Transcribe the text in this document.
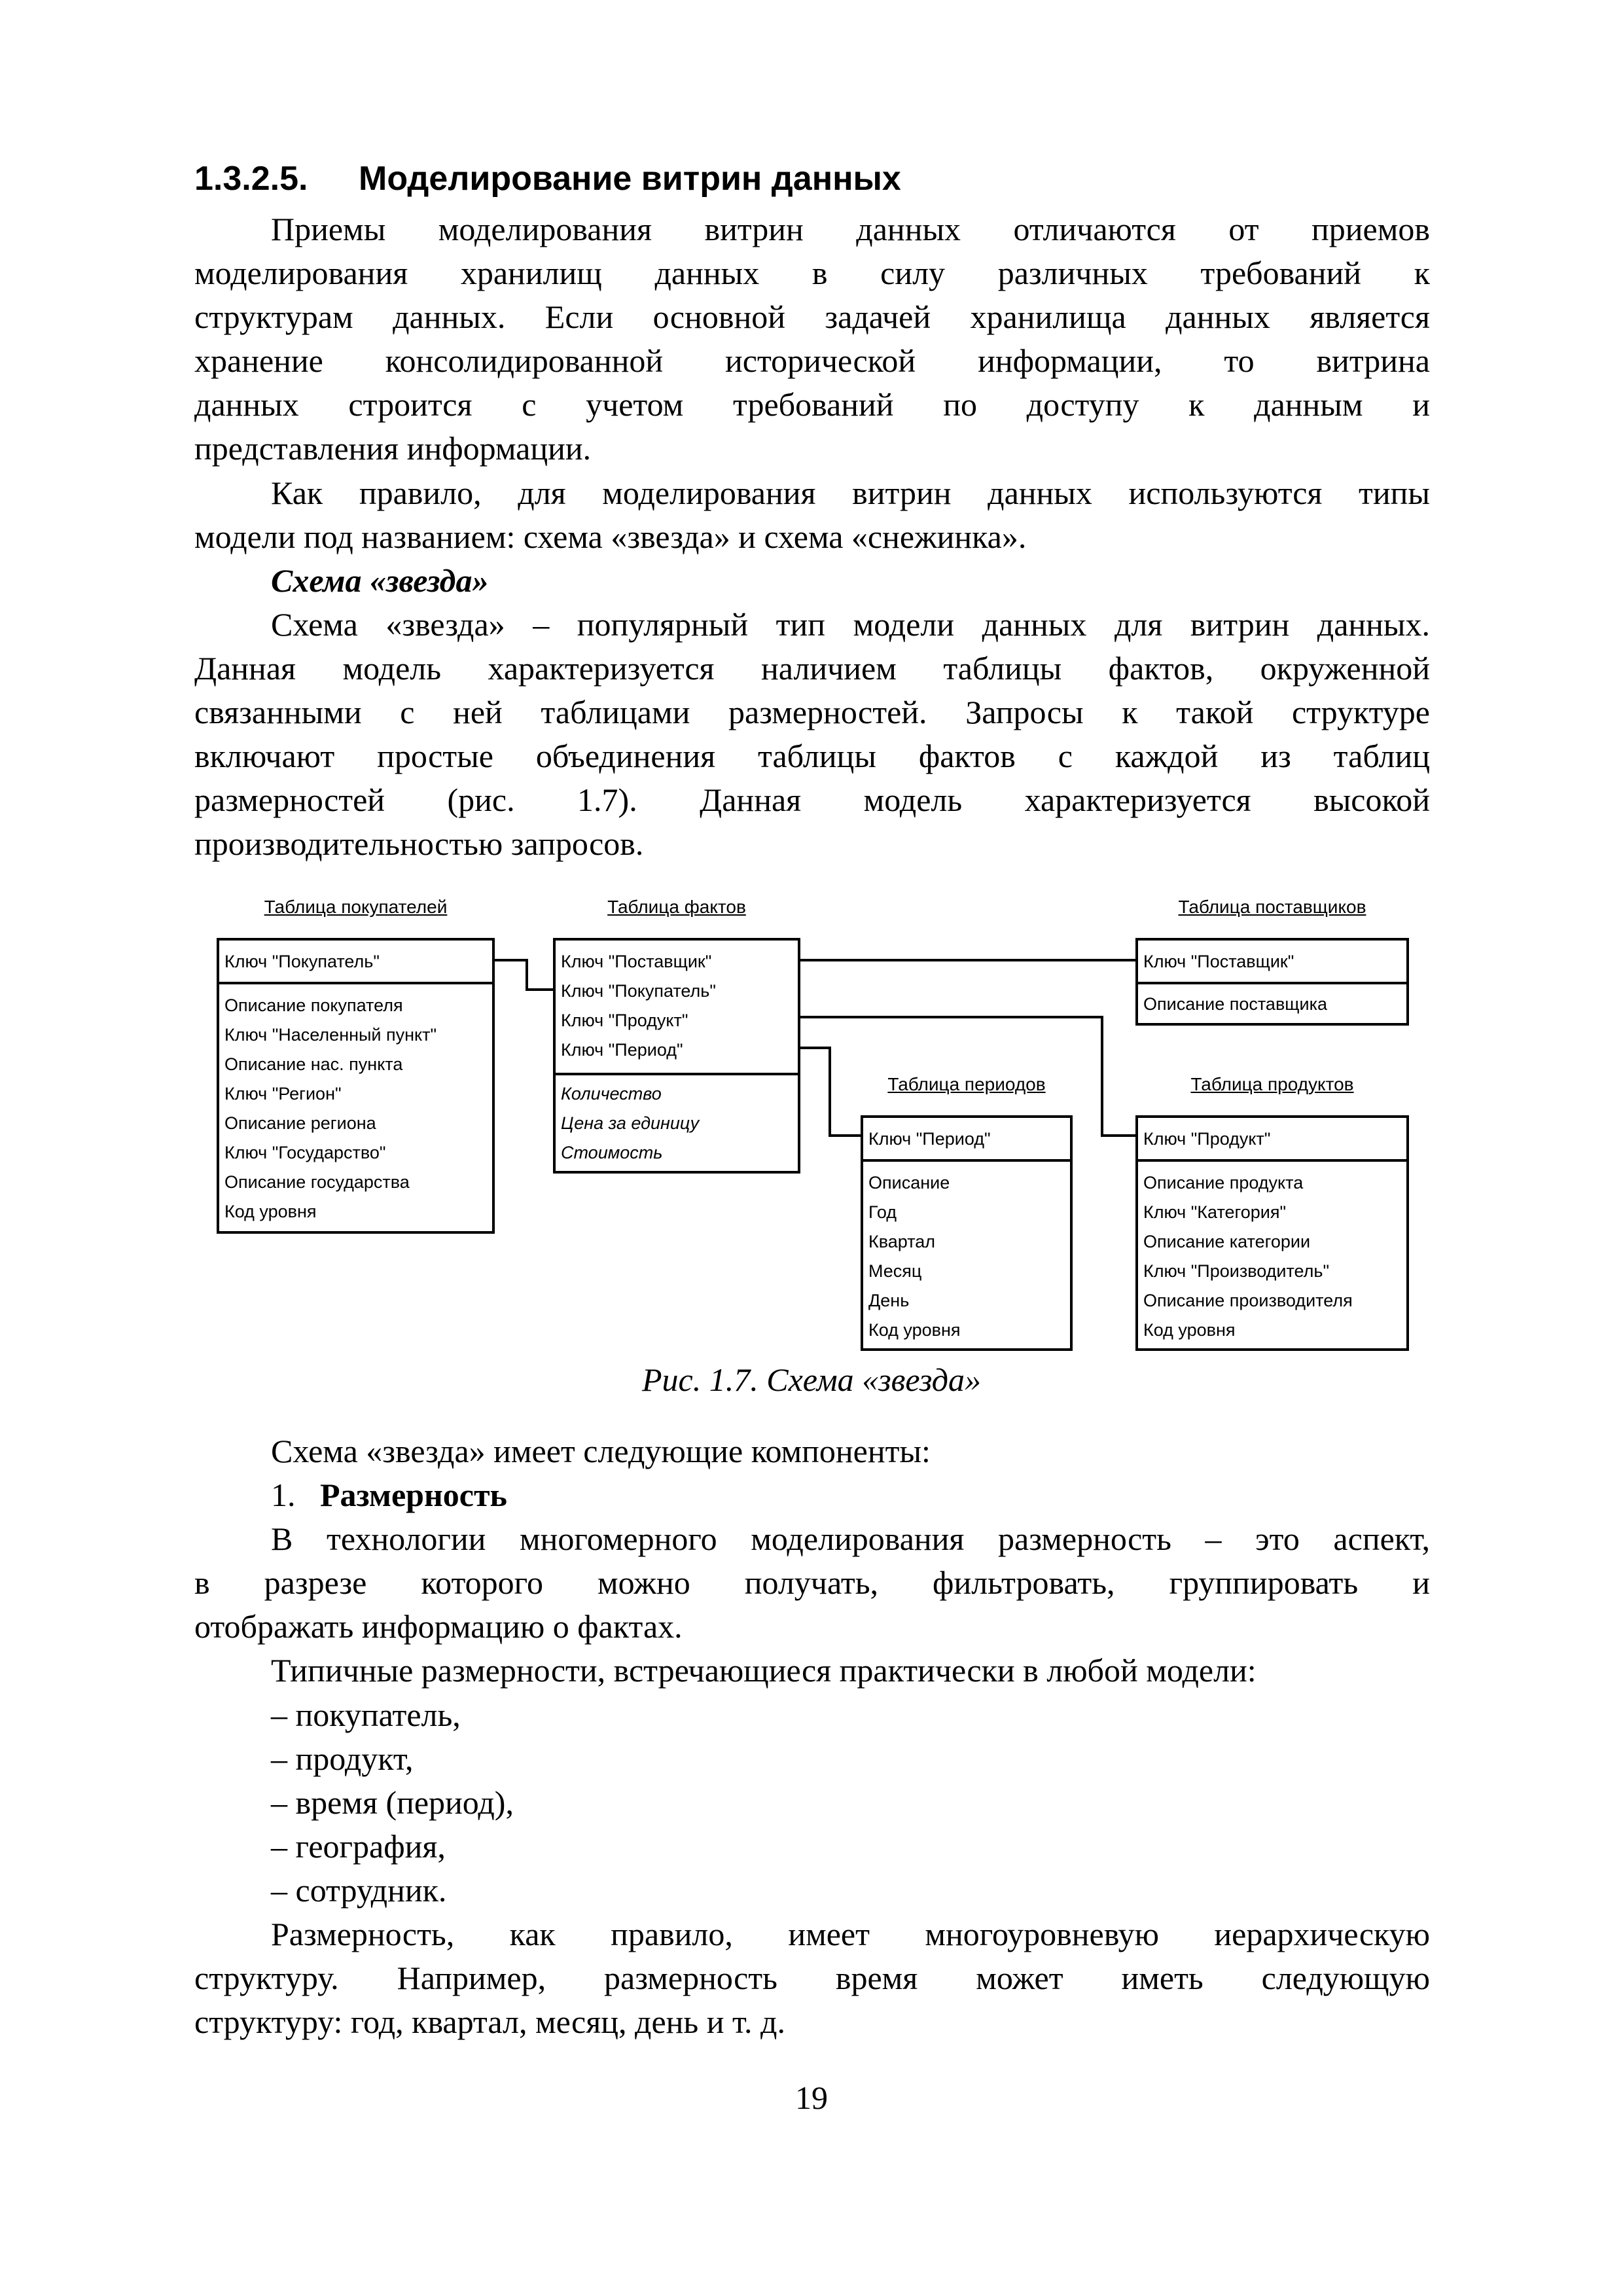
1.3.2.5. Моделирование витрин данных
Приемы моделирования витрин данных отличаются от приемов
моделирования хранилищ данных в силу различных требований к
структурам данных. Если основной задачей хранилища данных является
хранение консолидированной исторической информации, то витрина
данных строится с учетом требований по доступу к данным и
представления информации.
Как правило, для моделирования витрин данных используются типы
модели под названием: схема «звезда» и схема «снежинка».
Схема «звезда»
Схема «звезда» – популярный тип модели данных для витрин данных.
Данная модель характеризуется наличием таблицы фактов, окруженной
связанными с ней таблицами размерностей. Запросы к такой структуре
включают простые объединения таблицы фактов с каждой из таблиц
размерностей (рис. 1.7). Данная модель характеризуется высокой
производительностью запросов.
Таблица покупателей
Ключ "Покупатель"
Описание покупателя
Ключ "Населенный пункт"
Описание нас. пункта
Ключ "Регион"
Описание региона
Ключ "Государство"
Описание государства
Код уровня
Таблица фактов
Ключ "Поставщик"
Ключ "Покупатель"
Ключ "Продукт"
Ключ "Период"
Количество
Цена за единицу
Стоимость
Таблица поставщиков
Ключ "Поставщик"
Описание поставщика
Таблица периодов
Ключ "Период"
Описание
Год
Квартал
Месяц
День
Код уровня
Таблица продуктов
Ключ "Продукт"
Описание продукта
Ключ "Категория"
Описание категории
Ключ "Производитель"
Описание производителя
Код уровня
Рис. 1.7. Схема «звезда»
Схема «звезда» имеет следующие компоненты:
1. Размерность
В технологии многомерного моделирования размерность – это аспект,
в разрезе которого можно получать, фильтровать, группировать и
отображать информацию о фактах.
Типичные размерности, встречающиеся практически в любой модели:
– покупатель,
– продукт,
– время (период),
– география,
– сотрудник.
Размерность, как правило, имеет многоуровневую иерархическую
структуру. Например, размерность время может иметь следующую
структуру: год, квартал, месяц, день и т. д.
19
